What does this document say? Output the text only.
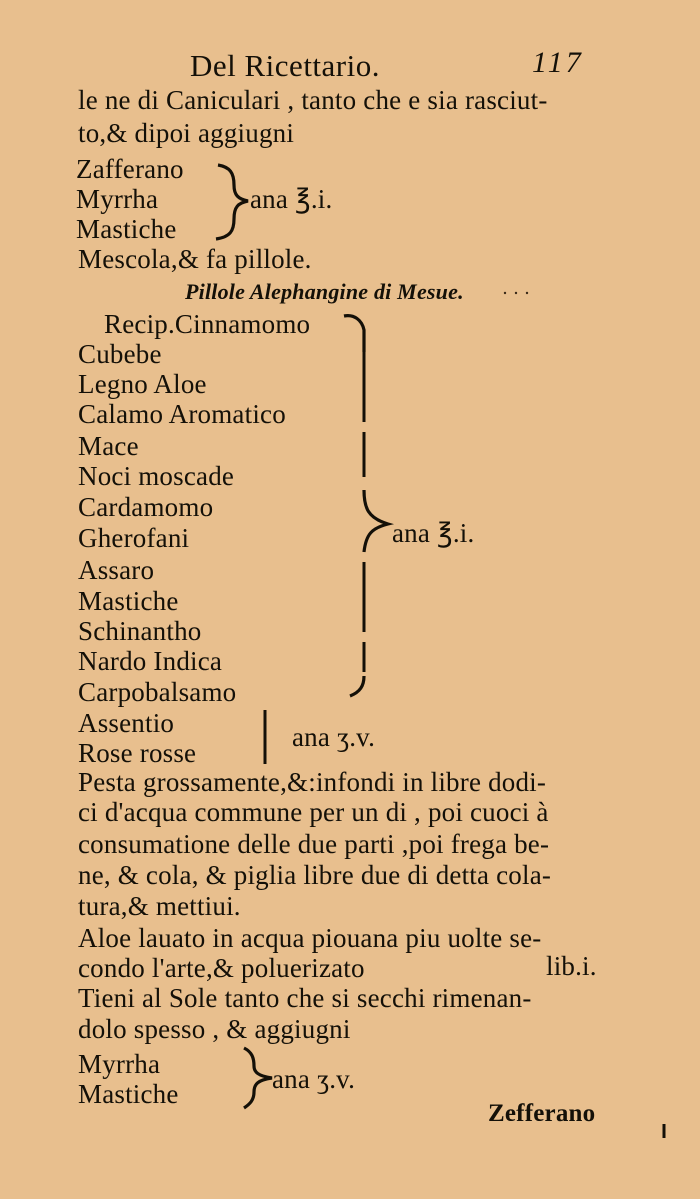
Del Ricettario.	117
le ne di Caniculari , tanto che e sia rasciut-
to,& dipoi aggiugni
Zafferano
Myrrha
Mastiche
ana ℥.i.
Mescola,& fa pillole.
Pillole Alephangine di Mesue.
Recip.Cinnamomo
Cubebe
Legno Aloe
Calamo Aromatico
Mace
Noci moscade
Cardamomo
Gherofani
Assaro
Mastiche
Schinantho
Nardo Indica
Carpobalsamo
ana ℥.i.
Assentio
Rose rosse
ana ʒ.v.
Pesta grossamente,&:infondi in libre dodi-
ci d'acqua commune per un di , poi cuoci à
consumatione delle due parti ,poi frega be-
ne, & cola, & piglia libre due di detta cola-
tura,& mettiui.
Aloe lauato in acqua piouana piu uolte se-
condo l'arte,& poluerizato	lib.i.
Tieni al Sole tanto che si secchi rimenan-
dolo spesso , & aggiugni
Myrrha
Mastiche	ana ʒ.v.
Zefferano
